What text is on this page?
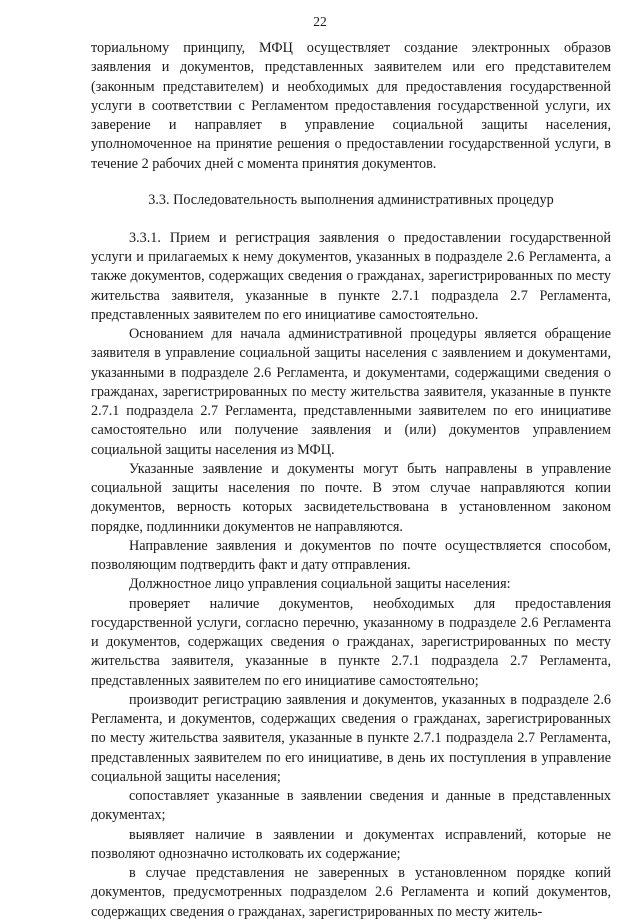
22

ториальному принципу, МФЦ осуществляет создание электронных образов заявления и документов, представленных заявителем или его представителем (законным представителем) и необходимых для предоставления государственной услуги в соответствии с Регламентом предоставления государственной услуги, их заверение и направляет в управление социальной защиты населения, уполномоченное на принятие решения о предоставлении государственной услуги, в течение 2 рабочих дней с момента принятия документов.

3.3. Последовательность выполнения административных процедур

3.3.1. Прием и регистрация заявления о предоставлении государственной услуги и прилагаемых к нему документов, указанных в подразделе 2.6 Регламента, а также документов, содержащих сведения о гражданах, зарегистрированных по месту жительства заявителя, указанные в пункте 2.7.1 подраздела 2.7 Регламента, представленных заявителем по его инициативе самостоятельно.

Основанием для начала административной процедуры является обращение заявителя в управление социальной защиты населения с заявлением и документами, указанными в подразделе 2.6 Регламента, и документами, содержащими сведения о гражданах, зарегистрированных по месту жительства заявителя, указанные в пункте 2.7.1 подраздела 2.7 Регламента, представленными заявителем по его инициативе самостоятельно или получение заявления и (или) документов управлением социальной защиты населения из МФЦ.

Указанные заявление и документы могут быть направлены в управление социальной защиты населения по почте. В этом случае направляются копии документов, верность которых засвидетельствована в установленном законом порядке, подлинники документов не направляются.

Направление заявления и документов по почте осуществляется способом, позволяющим подтвердить факт и дату отправления.

Должностное лицо управления социальной защиты населения:

проверяет наличие документов, необходимых для предоставления государственной услуги, согласно перечню, указанному в подразделе 2.6 Регламента и документов, содержащих сведения о гражданах, зарегистрированных по месту жительства заявителя, указанные в пункте 2.7.1 подраздела 2.7 Регламента, представленных заявителем по его инициативе самостоятельно;

производит регистрацию заявления и документов, указанных в подразделе 2.6 Регламента, и документов, содержащих сведения о гражданах, зарегистрированных по месту жительства заявителя, указанные в пункте 2.7.1 подраздела 2.7 Регламента, представленных заявителем по его инициативе, в день их поступления в управление социальной защиты населения;

сопоставляет указанные в заявлении сведения и данные в представленных документах;

выявляет наличие в заявлении и документах исправлений, которые не позволяют однозначно истолковать их содержание;

в случае представления не заверенных в установленном порядке копий документов, предусмотренных подразделом 2.6 Регламента и копий документов, содержащих сведения о гражданах, зарегистрированных по месту житель-
